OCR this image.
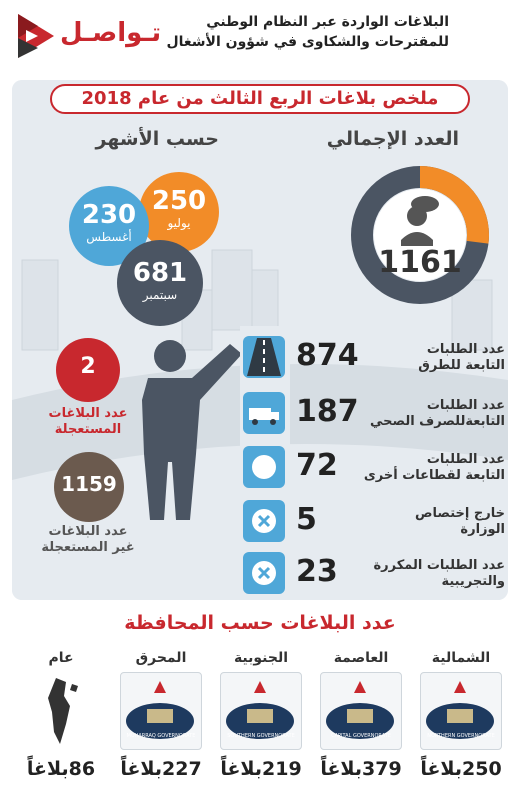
البلاغات الواردة عبر النظام الوطني
للمقترحات والشكاوى في شؤون الأشغال
تـواصـل
ملخص بلاغات الربع الثالث من عام 2018
العدد الإجمالي
حسب الأشهر
1161
250
يوليو
230
أغسطس
681
سبتمبر
2
عدد البلاغات
المستعجلة
1159
عدد البلاغات
غير المستعجلة
874	عدد الطلبات
التابعة للطرق
187	عدد الطلبات
التابعةللصرف الصحي
72	عدد الطلبات
التابعة لقطاعات أخرى
5	خارج إختصاص
الوزارة
23	عدد الطلبات المكررة
والتجريبية
عدد البلاغات حسب المحافظة
الشمالية
NORTHERN GOVERNORATE
250بلاغاً
العاصمة
CAPITAL GOVERNORATE
379بلاغاً
الجنوبية
SOUTHERN GOVERNORATE
219بلاغاً
المحرق
MUHARRAQ GOVERNORATE
227بلاغاً
عام
86بلاغاً
